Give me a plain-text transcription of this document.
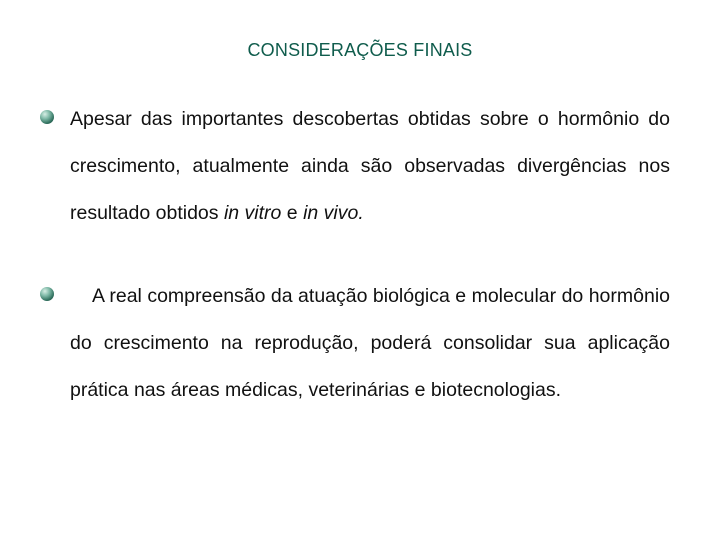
CONSIDERAÇÕES FINAIS
Apesar das importantes descobertas obtidas sobre o hormônio do crescimento, atualmente ainda são observadas divergências nos resultado obtidos in vitro e in vivo.
A real compreensão da atuação biológica e molecular do hormônio do crescimento na reprodução, poderá consolidar sua aplicação prática nas áreas médicas, veterinárias e biotecnologias.
